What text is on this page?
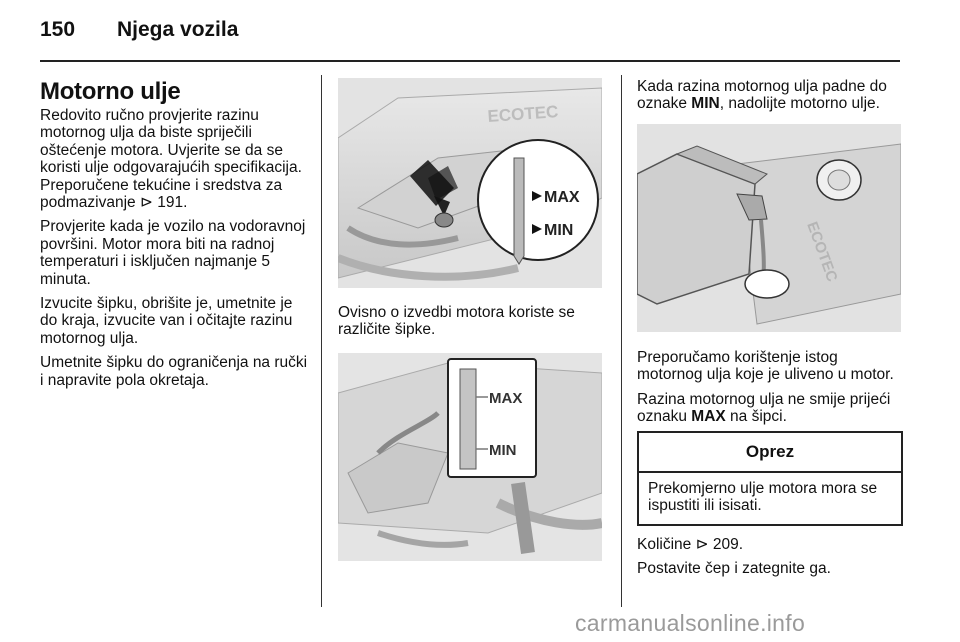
150 Njega vozila
Motorno ulje

Redovito ručno provjerite razinu motornog ulja da biste spriječili oštećenje motora. Uvjerite se da se koristi ulje odgovarajućih specifikacija. Preporučene tekućine i sredstva za podmazivanje ⊳ 191.

Provjerite kada je vozilo na vodoravnoj površini. Motor mora biti na radnoj temperaturi i isključen najmanje 5 minuta.

Izvucite šipku, obrišite je, umetnite je do kraja, izvucite van i očitajte razinu motornog ulja.

Umetnite šipku do ograničenja na ručki i napravite pola okretaja.

ECOTEC
MAX
MIN

Ovisno o izvedbi motora koriste se različite šipke.

MAX
MIN

Kada razina motornog ulja padne do oznake MIN, nadolijte motorno ulje.

ECOTEC

Preporučamo korištenje istog motornog ulja koje je uliveno u motor.

Razina motornog ulja ne smije prijeći oznaku MAX na šipci.

Oprez
Prekomjerno ulje motora mora se ispustiti ili isisati.

Količine ⊳ 209.

Postavite čep i zategnite ga.

carmanualsonline.info
